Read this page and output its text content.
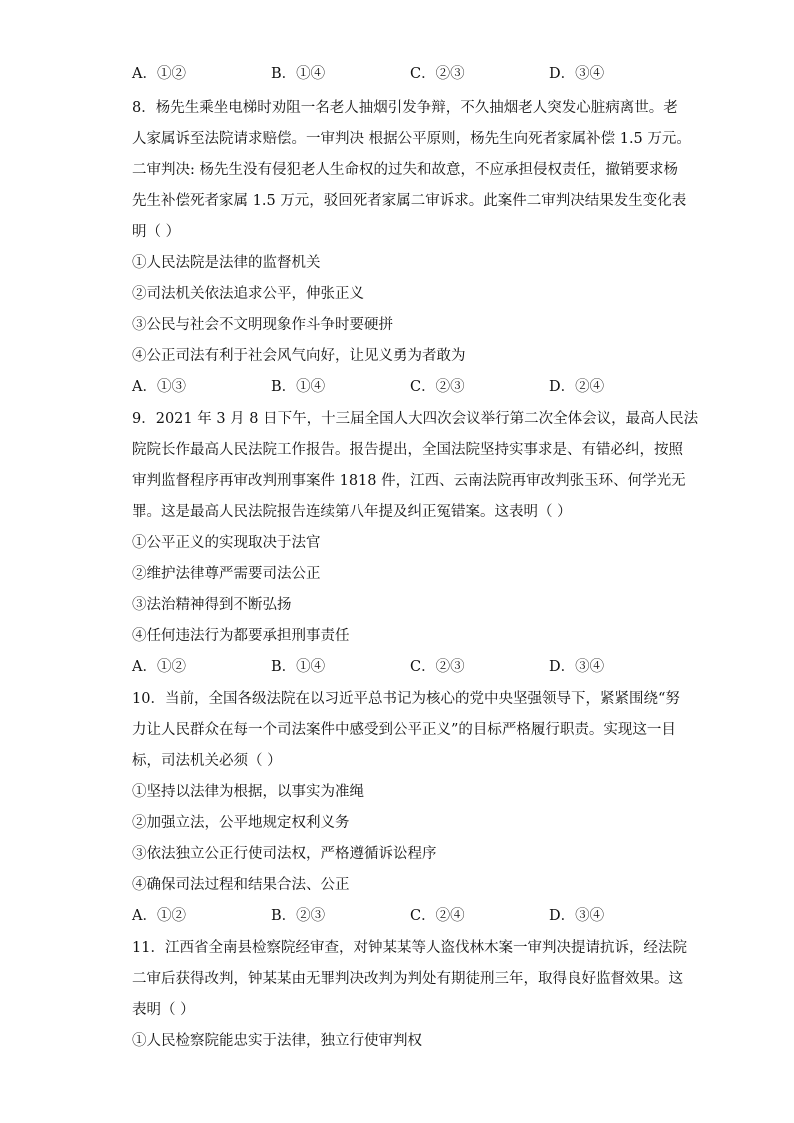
A．①②	B．①④	C．②③	D．③④
8．杨先生乘坐电梯时劝阻一名老人抽烟引发争辩，不久抽烟老人突发心脏病离世。老
人家属诉至法院请求赔偿。一审判决 根据公平原则，杨先生向死者家属补偿 1.5 万元。
二审判决: 杨先生没有侵犯老人生命权的过失和故意，不应承担侵权责任，撤销要求杨
先生补偿死者家属 1.5 万元，驳回死者家属二审诉求。此案件二审判决结果发生变化表
明（ ）
①人民法院是法律的监督机关
②司法机关依法追求公平，伸张正义
③公民与社会不文明现象作斗争时要硬拼
④公正司法有利于社会风气向好，让见义勇为者敢为
A．①③	B．①④	C．②③	D．②④
9．2021 年 3 月 8 日下午，十三届全国人大四次会议举行第二次全体会议，最高人民法
院院长作最高人民法院工作报告。报告提出，全国法院坚持实事求是、有错必纠，按照
审判监督程序再审改判刑事案件 1818 件，江西、云南法院再审改判张玉环、何学光无
罪。这是最高人民法院报告连续第八年提及纠正冤错案。这表明（ ）
①公平正义的实现取决于法官
②维护法律尊严需要司法公正
③法治精神得到不断弘扬
④任何违法行为都要承担刑事责任
A．①②	B．①④	C．②③	D．③④
10．当前，全国各级法院在以习近平总书记为核心的党中央坚强领导下，紧紧围绕“努
力让人民群众在每一个司法案件中感受到公平正义”的目标严格履行职责。实现这一目
标，司法机关必须（ ）
①坚持以法律为根据，以事实为准绳
②加强立法，公平地规定权利义务
③依法独立公正行使司法权，严格遵循诉讼程序
④确保司法过程和结果合法、公正
A．①②	B．②③	C．②④	D．③④
11．江西省全南县检察院经审查，对钟某某等人盗伐林木案一审判决提请抗诉，经法院
二审后获得改判，钟某某由无罪判决改判为判处有期徒刑三年，取得良好监督效果。这
表明（ ）
①人民检察院能忠实于法律，独立行使审判权
